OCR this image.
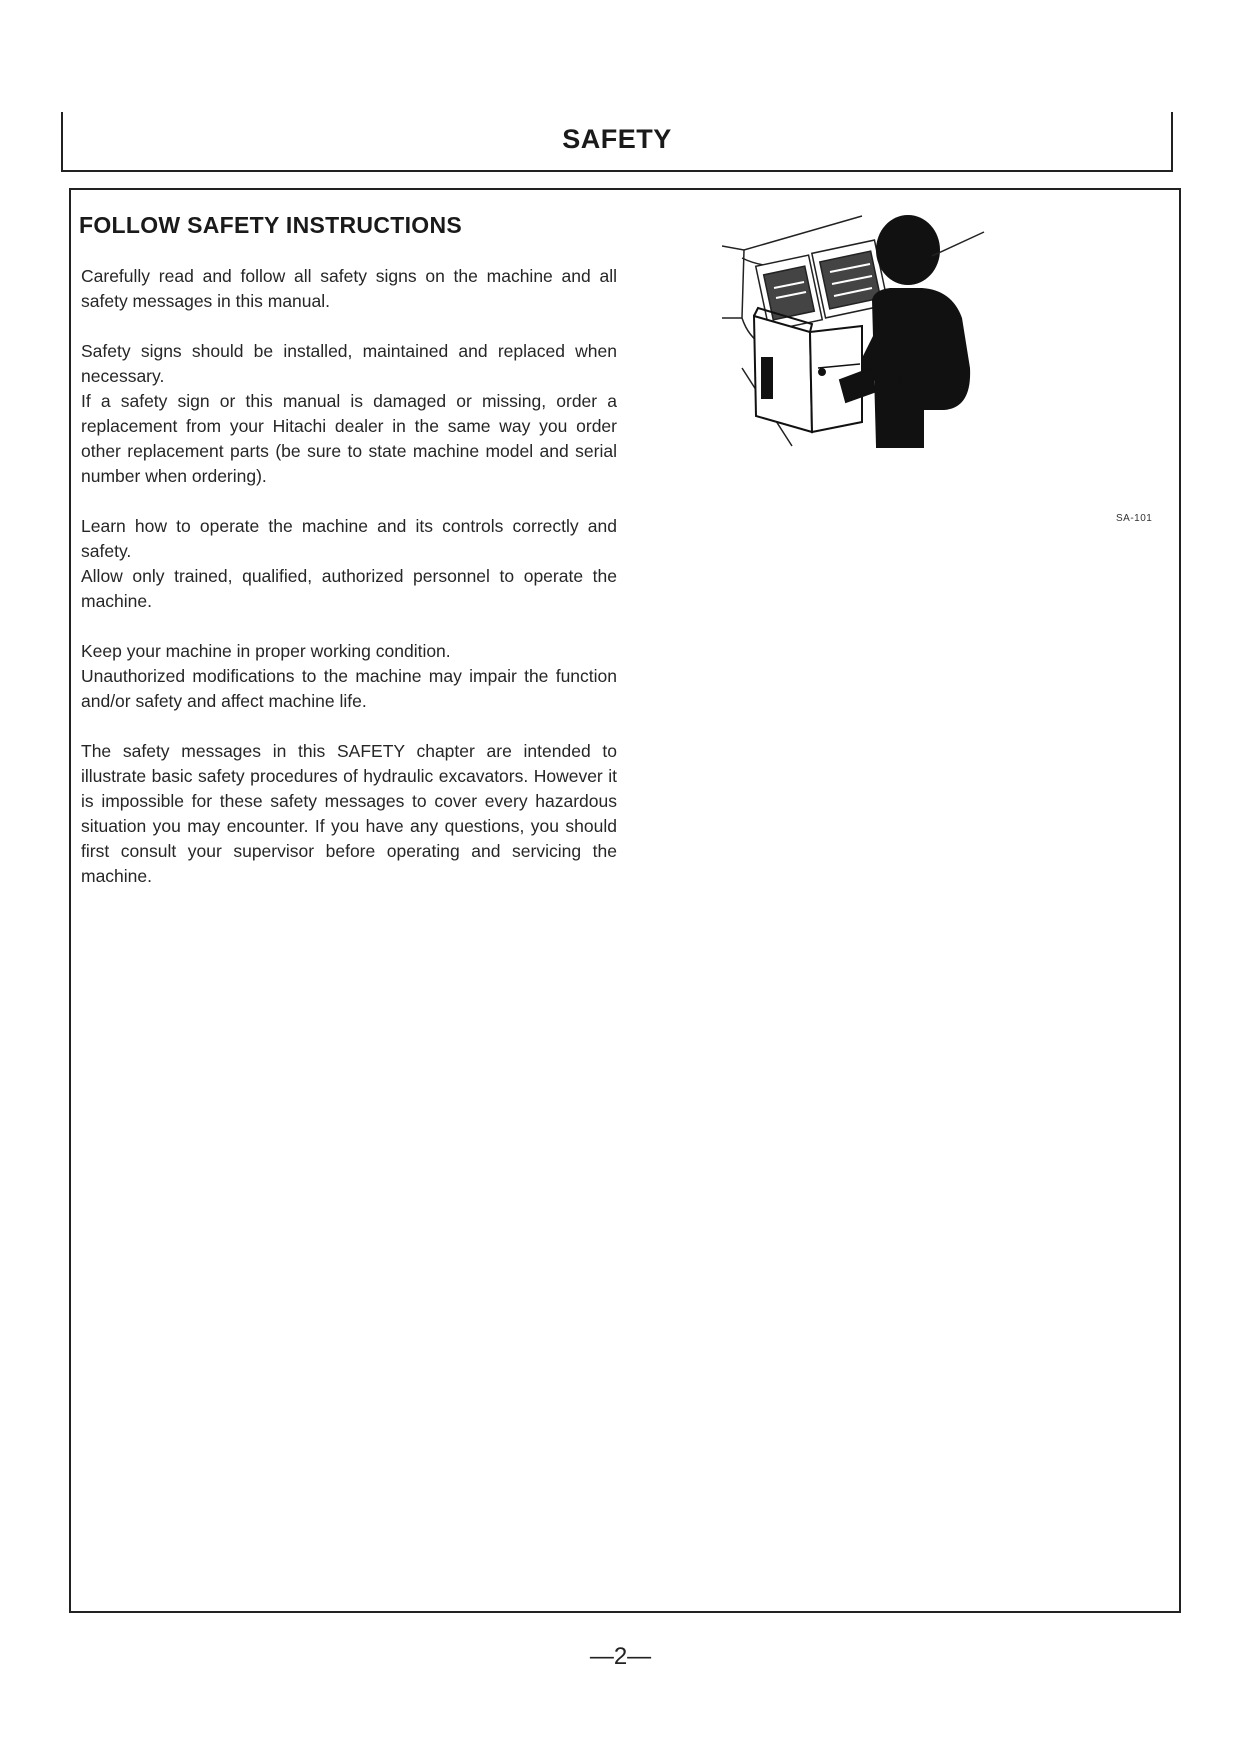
SAFETY
FOLLOW SAFETY INSTRUCTIONS
Carefully read and follow all safety signs on the machine and all safety messages in this manual.
Safety signs should be installed, maintained and replaced when necessary.
If a safety sign or this manual is damaged or missing, order a replacement from your Hitachi dealer in the same way you order other replacement parts (be sure to state machine model and serial number when ordering).
Learn how to operate the machine and its controls correctly and safety.
Allow only trained, qualified, authorized personnel to operate the machine.
Keep your machine in proper working condition.
Unauthorized modifications to the machine may impair the function and/or safety and affect machine life.
The safety messages in this SAFETY chapter are intended to illustrate basic safety procedures of hydraulic excavators. However it is impossible for these safety messages to cover every hazardous situation you may encounter. If you have any questions, you should first consult your supervisor before operating and servicing the machine.
SA-101
—2—
